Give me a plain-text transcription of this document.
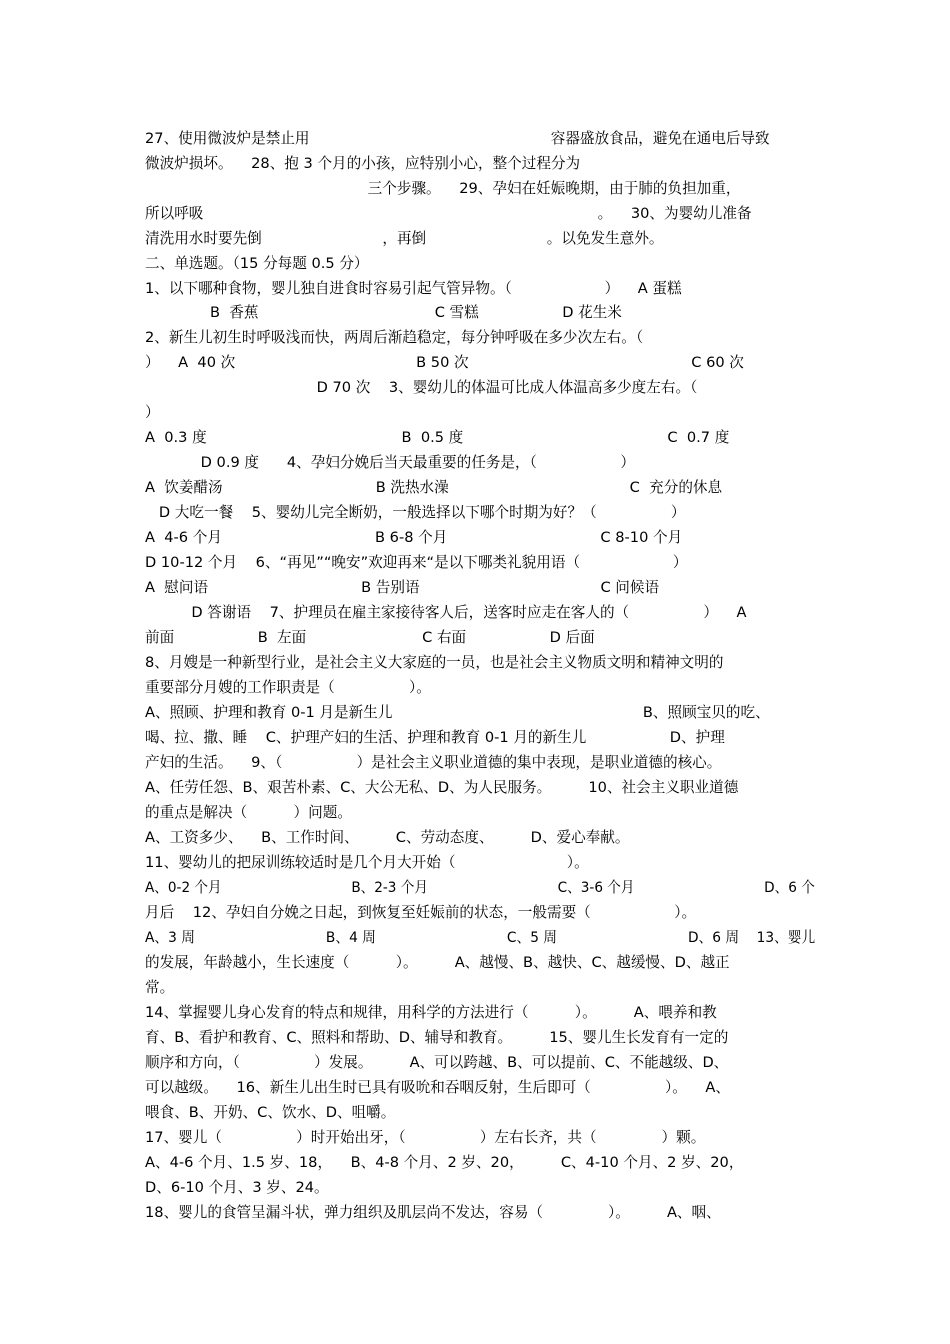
27、使用微波炉是禁止用                                                    容器盛放食品，避免在通电后导致
微波炉损坏。    28、抱 3 个月的小孩，应特别小心，整个过程分为
三个步骤。    29、孕妇在妊娠晚期，由于肺的负担加重，
所以呼吸                                                                                     。    30、为婴幼儿准备
清洗用水时要先倒                          ，再倒                          。以免发生意外。
二、单选题。（15 分每题 0.5 分）
1、以下哪种食物，婴儿独自进食时容易引起气管异物。（                    ）    A 蛋糕
B  香蕉                                      C 雪糕                  D 花生米
2、新生儿初生时呼吸浅而快，两周后渐趋稳定，每分钟呼吸在多少次左右。（
）    A  40 次                                       B 50 次                                                C 60 次
D 70 次    3、婴幼儿的体温可比成人体温高多少度左右。（
）
A  0.3 度                                          B  0.5 度                                            C  0.7 度
D 0.9 度      4、孕妇分娩后当天最重要的任务是，（                  ）
A  饮姜醋汤                                 B 洗热水澡                                       C  充分的休息
D 大吃一餐    5、婴幼儿完全断奶，一般选择以下哪个时期为好？（                ）
A  4-6 个月                                 B 6-8 个月                                 C 8-10 个月
D 10-12 个月    6、“再见”“晚安”欢迎再来“是以下哪类礼貌用语（                    ）
A  慰问语                                 B 告别语                                       C 问候语
D 答谢语    7、护理员在雇主家接待客人后，送客时应走在客人的（                ）    A
前面                  B  左面                         C 右面                  D 后面
8、月嫂是一种新型行业，是社会主义大家庭的一员，也是社会主义物质文明和精神文明的
重要部分月嫂的工作职责是（                ）。
A、照顾、护理和教育 0-1 月是新生儿                                                      B、照顾宝贝的吃、
喝、拉、撒、睡    C、护理产妇的生活、护理和教育 0-1 月的新生儿                  D、护理
产妇的生活。    9、（                ）是社会主义职业道德的集中表现，是职业道德的核心。
A、任劳任怨、B、艰苦朴素、C、大公无私、D、为人民服务。        10、社会主义职业道德
的重点是解决（          ）问题。
A、工资多少、    B、工作时间、        C、劳动态度、        D、爱心奉献。
11、婴幼儿的把尿训练较适时是几个月大开始（                        ）。
A、0-2 个月                              B、2-3 个月                              C、3-6 个月                              D、6 个
月后    12、孕妇自分娩之日起，到恢复至妊娠前的状态，一般需要（                  ）。
A、3 周                              B、4 周                              C、5 周                              D、6 周    13、婴儿
的发展，年龄越小，生长速度（          ）。        A、越慢、B、越快、C、越缓慢、D、越正
常。
14、掌握婴儿身心发育的特点和规律，用科学的方法进行（          ）。        A、喂养和教
育、B、看护和教育、C、照料和帮助、D、辅导和教育。        15、婴儿生长发育有一定的
顺序和方向，（                ）发展。        A、可以跨越、B、可以提前、C、不能越级、D、
可以越级。    16、新生儿出生时已具有吸吮和吞咽反射，生后即可（                ）。    A、
喂食、B、开奶、C、饮水、D、咀嚼。
17、婴儿（                ）时开始出牙，（                ）左右长齐，共（              ）颗。
A、4-6 个月、1.5 岁、18，    B、4-8 个月、2 岁、20，        C、4-10 个月、2 岁、20，
D、6-10 个月、3 岁、24。
18、婴儿的食管呈漏斗状，弹力组织及肌层尚不发达，容易（              ）。        A、咽、
